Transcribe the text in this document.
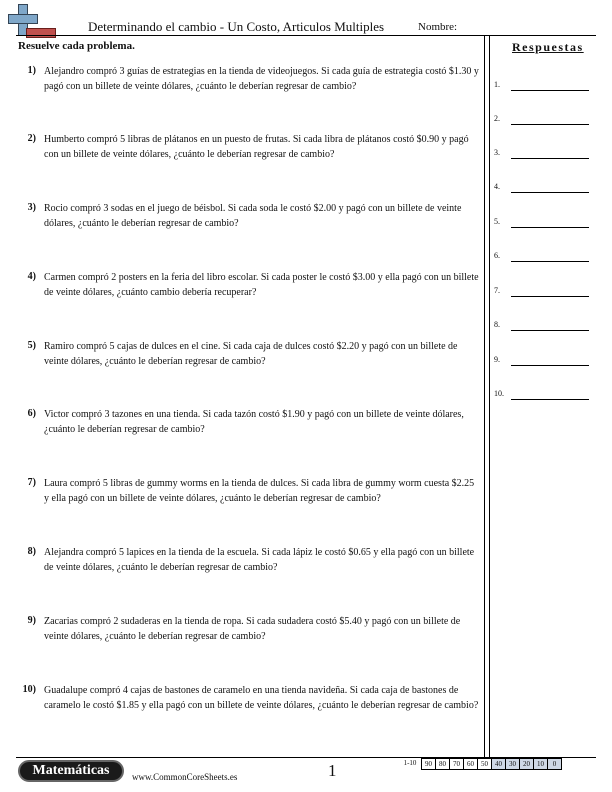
Determinando el cambio - Un Costo, Articulos Multiples	Nombre:
Resuelve cada problema.	Respuestas
1) Alejandro compró 3 guías de estrategias en la tienda de videojuegos. Si cada guía de estrategia costó $1.30 y pagó con un billete de veinte dólares, ¿cuánto le deberían regresar de cambio?
2) Humberto compró 5 libras de plátanos en un puesto de frutas. Si cada libra de plátanos costó $0.90 y pagó con un billete de veinte dólares, ¿cuánto le deberían regresar de cambio?
3) Rocio compró 3 sodas en el juego de béisbol. Si cada soda le costó $2.00 y pagó con un billete de veinte dólares, ¿cuánto le deberían regresar de cambio?
4) Carmen compró 2 posters en la feria del libro escolar. Si cada poster le costó $3.00 y ella pagó con un billete de veinte dólares, ¿cuánto cambio debería recuperar?
5) Ramiro compró 5 cajas de dulces en el cine. Si cada caja de dulces costó $2.20 y pagó con un billete de veinte dólares, ¿cuánto le deberían regresar de cambio?
6) Victor compró 3 tazones en una tienda. Si cada tazón costó $1.90 y pagó con un billete de veinte dólares, ¿cuánto le deberían regresar de cambio?
7) Laura compró 5 libras de gummy worms en la tienda de dulces. Si cada libra de gummy worm cuesta $2.25 y ella pagó con un billete de veinte dólares, ¿cuánto le deberían regresar de cambio?
8) Alejandra compró 5 lapices en la tienda de la escuela. Si cada lápiz le costó $0.65 y ella pagó con un billete de veinte dólares, ¿cuánto le deberían regresar de cambio?
9) Zacarias compró 2 sudaderas en la tienda de ropa. Si cada sudadera costó $5.40 y pagó con un billete de veinte dólares, ¿cuánto le deberían regresar de cambio?
10) Guadalupe compró 4 cajas de bastones de caramelo en una tienda navideña. Si cada caja de bastones de caramelo le costó $1.85 y ella pagó con un billete de veinte dólares, ¿cuánto le deberían regresar de cambio?
1.
2.
3.
4.
5.
6.
7.
8.
9.
10.
Matemáticas	www.CommonCoreSheets.es	1	1-10	90	80	70	60	50	40	30	20	10	0
